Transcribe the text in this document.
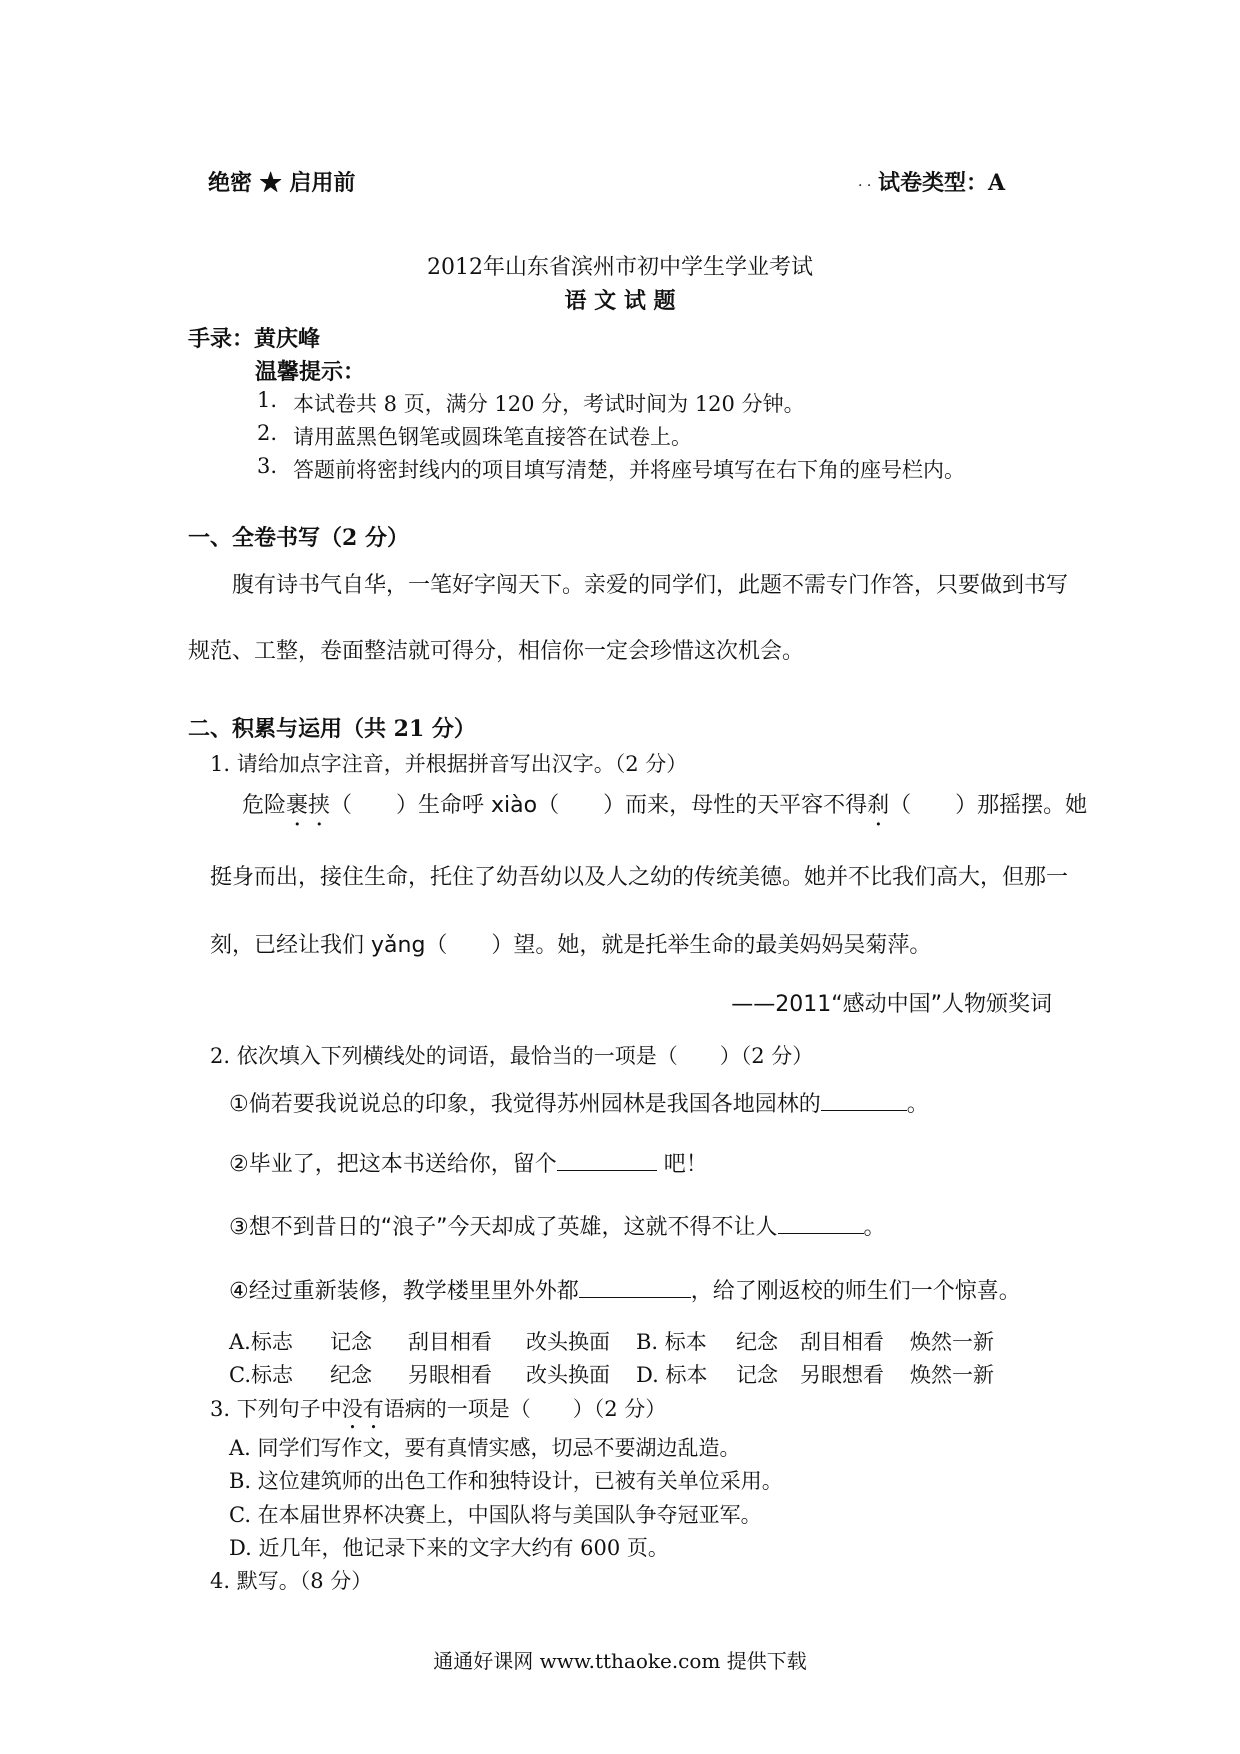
绝密 ★ 启用前	. . 试卷类型：A
2012年山东省滨州市初中学生学业考试
语 文 试 题
手录：黄庆峰
温馨提示：
1. 本试卷共 8 页，满分 120 分，考试时间为 120 分钟。
2. 请用蓝黑色钢笔或圆珠笔直接答在试卷上。
3. 答题前将密封线内的项目填写清楚，并将座号填写在右下角的座号栏内。
一、全卷书写（2 分）
腹有诗书气自华，一笔好字闯天下。亲爱的同学们，此题不需专门作答，只要做到书写
规范、工整，卷面整洁就可得分，相信你一定会珍惜这次机会。
二、积累与运用（共 21 分）
1. 请给加点字注音，并根据拼音写出汉字。（2 分）
危险裹挟（　　）生命呼 xiào（　　）而来，母性的天平容不得刹（　　）那摇摆。她
挺身而出，接住生命，托住了幼吾幼以及人之幼的传统美德。她并不比我们高大，但那一
刻，已经让我们 yǎng（　　）望。她，就是托举生命的最美妈妈吴菊萍。
——2011“感动中国”人物颁奖词
2. 依次填入下列横线处的词语，最恰当的一项是（　　）（2 分）
①倘若要我说说总的印象，我觉得苏州园林是我国各地园林的	。
②毕业了，把这本书送给你，留个	吧！
③想不到昔日的“浪子”今天却成了英雄，这就不得不让人	。
④经过重新装修，教学楼里里外外都	，给了刚返校的师生们一个惊喜。
A.标志 记念 刮目相看 改头换面 B. 标本 纪念 刮目相看 焕然一新
C.标志 纪念 另眼相看 改头换面 D. 标本 记念 另眼想看 焕然一新
3. 下列句子中没有语病的一项是（　　）（2 分）
A. 同学们写作文，要有真情实感，切忌不要湖边乱造。
B. 这位建筑师的出色工作和独特设计，已被有关单位采用。
C. 在本届世界杯决赛上，中国队将与美国队争夺冠亚军。
D. 近几年，他记录下来的文字大约有 600 页。
4. 默写。（8 分）
通通好课网 www.tthaoke.com 提供下载
